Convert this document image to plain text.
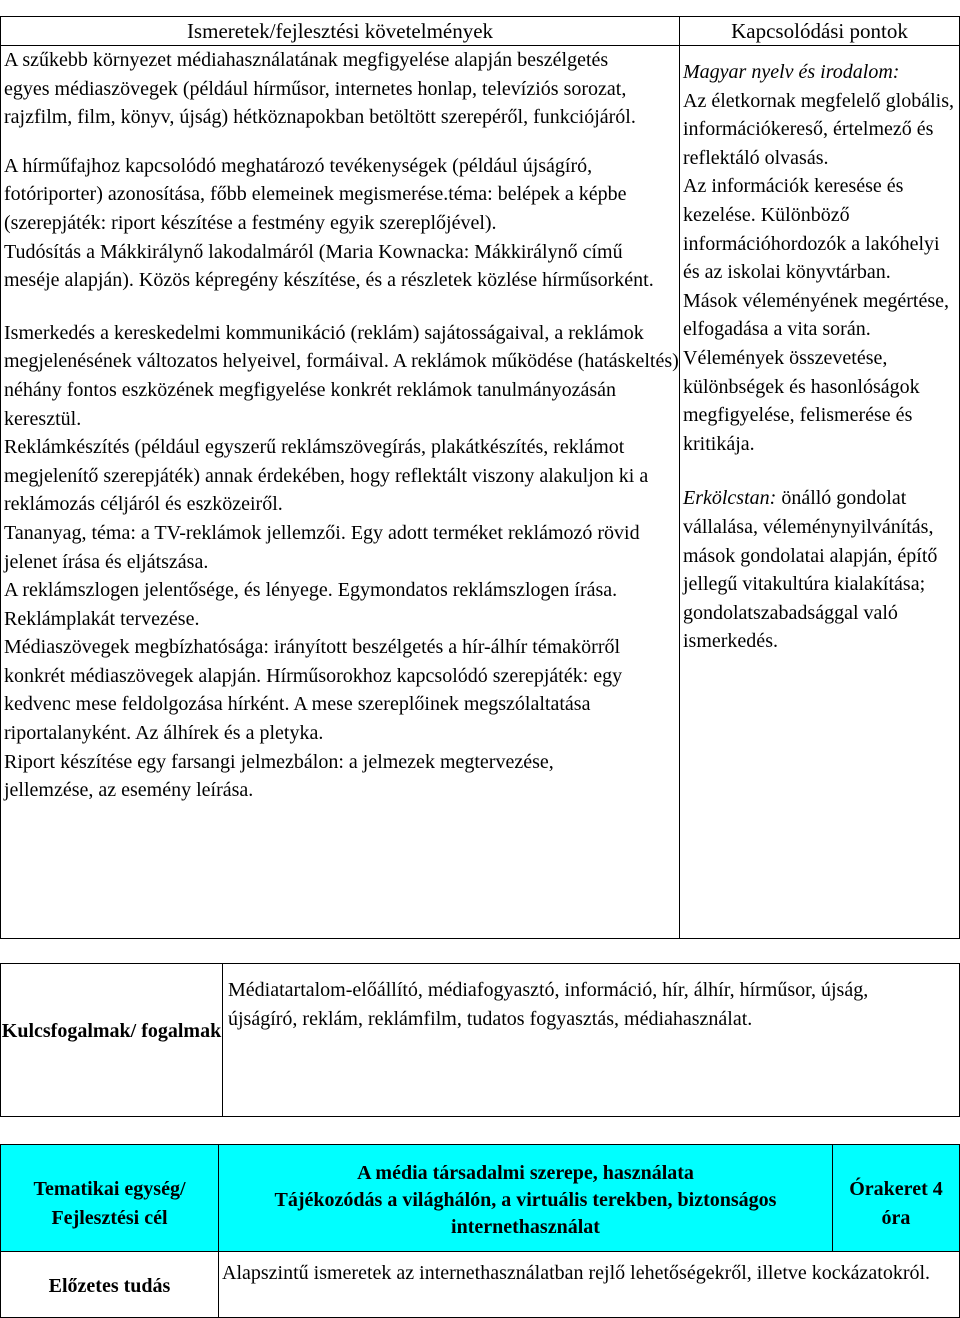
Ismeretek/fejlesztési követelmények	Kapcsolódási pontok

A szűkebb környezet médiahasználatának megfigyelése alapján beszélgetés egyes médiaszövegek (például hírműsor, internetes honlap, televíziós sorozat, rajzfilm, film, könyv, újság) hétköznapokban betöltött szerepéről, funkciójáról.

A hírműfajhoz kapcsolódó meghatározó tevékenységek (például újságíró, fotóriporter) azonosítása, főbb elemeinek megismerése.téma: belépek a képbe (szerepjáték: riport készítése a festmény egyik szereplőjével).

Tudósítás a Mákkirálynő lakodalmáról (Maria Kownacka: Mákkirálynő című meséje alapján). Közös képregény készítése, és a részletek közlése hírműsorként.

Ismerkedés a kereskedelmi kommunikáció (reklám) sajátosságaival, a reklámok megjelenésének változatos helyeivel, formáival. A reklámok működése (hatáskeltés) néhány fontos eszközének megfigyelése konkrét reklámok tanulmányozásán keresztül.

Reklámkészítés (például egyszerű reklámszövegírás, plakátkészítés, reklámot megjelenítő szerepjáték) annak érdekében, hogy reflektált viszony alakuljon ki a reklámozás céljáról és eszközeiről.

Tananyag, téma: a TV-reklámok jellemzői. Egy adott terméket reklámozó rövid jelenet írása és eljátszása.

A reklámszlogen jelentősége, és lényege. Egymondatos reklámszlogen írása. Reklámplakát tervezése.

Médiaszövegek megbízhatósága: irányított beszélgetés a hír-álhír témakörről konkrét médiaszövegek alapján. Hírműsorokhoz kapcsolódó szerepjáték: egy kedvenc mese feldolgozása hírként. A mese szereplőinek megszólaltatása riportalanyként. Az álhírek és a pletyka.

Riport készítése egy farsangi jelmezbálon: a jelmezek megtervezése, jellemzése, az esemény leírása.

Magyar nyelv és irodalom:

Az életkornak megfelelő globális, információkereső, értelmező és reflektáló olvasás.

Az információk keresése és kezelése. Különböző információhordozók a lakóhelyi és az iskolai könyvtárban.

Mások véleményének megértése, elfogadása a vita során. Vélemények összevetése, különbségek és hasonlóságok megfigyelése, felismerése és kritikája.

Erkölcstan: önálló gondolat vállalása, véleménynyilvánítás, mások gondolatai alapján, építő jellegű vitakultúra kialakítása; gondolatszabadsággal való ismerkedés.

Kulcsfogalmak/ fogalmak
Médiatartalom-előállító, médiafogyasztó, információ, hír, álhír, hírműsor, újság, újságíró, reklám, reklámfilm, tudatos fogyasztás, médiahasználat.
Tematikai egység/ Fejlesztési cél
A média társadalmi szerepe, használata
Tájékozódás a világhálón, a virtuális terekben, biztonságos internethasználat
Órakeret 4 óra
Előzetes tudás
Alapszintű ismeretek az internethasználatban rejlő lehetőségekről, illetve kockázatokról.
